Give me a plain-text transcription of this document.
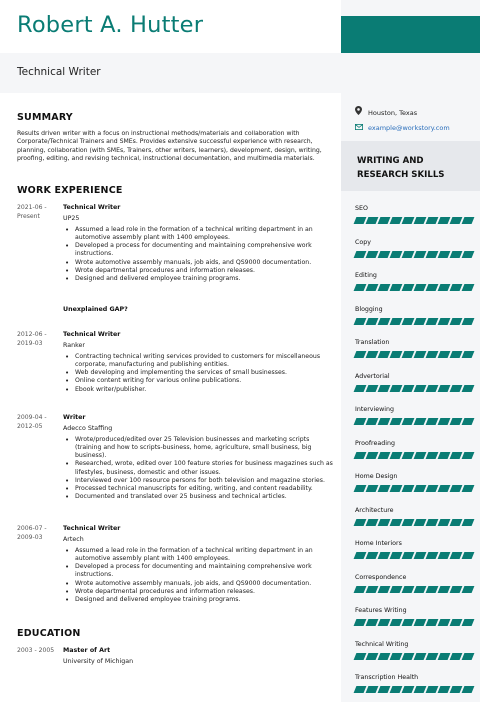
Robert A. Hutter
Technical Writer
Houston, Texas
example@workstory.com
SUMMARY
Results driven writer with a focus on instructional methods/materials and collaboration with Corporate/Technical Trainers and SMEs. Provides extensive successful experience with research, planning, collaboration (with SMEs, Trainers, other writers, learners), development, design, writing, proofing, editing, and revising technical, instructional documentation, and multimedia materials.
WORK EXPERIENCE
2021-06 -
Present
Technical Writer
UP25
• Assumed a lead role in the formation of a technical writing department in an automotive assembly plant with 1400 employees.
• Developed a process for documenting and maintaining comprehensive work instructions.
• Wrote automotive assembly manuals, job aids, and QS9000 documentation.
• Wrote departmental procedures and information releases.
• Designed and delivered employee training programs.
Unexplained GAP?
2012-06 -
2019-03
Technical Writer
Ranker
• Contracting technical writing services provided to customers for miscellaneous corporate, manufacturing and publishing entities.
• Web developing and implementing the services of small businesses.
• Online content writing for various online publications.
• Ebook writer/publisher.
2009-04 -
2012-05
Writer
Adecco Staffing
• Wrote/produced/edited over 25 Television businesses and marketing scripts (training and how to scripts-business, home, agriculture, small business, big business).
• Researched, wrote, edited over 100 feature stories for business magazines such as lifestyles, business, domestic and other issues.
• Interviewed over 100 resource persons for both television and magazine stories.
• Processed technical manuscripts for editing, writing, and content readability.
• Documented and translated over 25 business and technical articles.
2006-07 -
2009-03
Technical Writer
Artech
• Assumed a lead role in the formation of a technical writing department in an automotive assembly plant with 1400 employees.
• Developed a process for documenting and maintaining comprehensive work instructions.
• Wrote automotive assembly manuals, job aids, and QS9000 documentation.
• Wrote departmental procedures and information releases.
• Designed and delivered employee training programs.
EDUCATION
2003 - 2005	Master of Art
University of Michigan
WRITING AND
RESEARCH SKILLS
SEO
Copy
Editing
Blogging
Translation
Advertorial
Interviewing
Proofreading
Home Design
Architecture
Home Interiors
Correspondence
Features Writing
Technical Writing
Transcription Health
